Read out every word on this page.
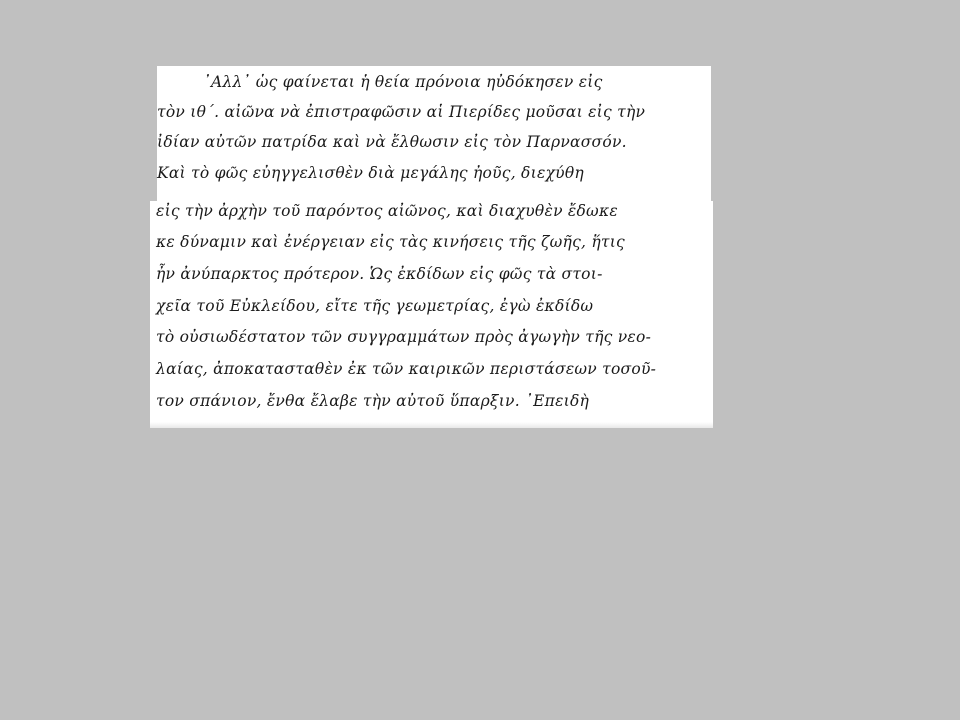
᾿Αλλ᾿ ὡς φαίνεται ἡ θεία πρόνοια ηὐδόκησεν εἰς

τὸν ιθ΄. αἰῶνα νὰ ἐπιστραφῶσιν αἱ Πιερίδες μοῦσαι εἰς τὴν

ἰδίαν αὐτῶν πατρίδα καὶ νὰ ἔλθωσιν εἰς τὸν Παρνασσόν.

Καὶ τὸ φῶς εὐηγγελισθὲν διὰ μεγάλης ἠοῦς, διεχύθη

εἰς τὴν ἀρχὴν τοῦ παρόντος αἰῶνος, καὶ διαχυθὲν ἔδωκε

κε δύναμιν καὶ ἐνέργειαν εἰς τὰς κινήσεις τῆς ζωῆς, ἥτις

ἦν ἀνύπαρκτος πρότερον. Ὡς ἐκδίδων εἰς φῶς τὰ στοι-

χεῖα τοῦ Εὐκλείδου, εἴτε τῆς γεωμετρίας, ἐγὼ ἐκδίδω

τὸ οὐσιωδέστατον τῶν συγγραμμάτων πρὸς ἀγωγὴν τῆς νεο-

λαίας, ἀποκατασταθὲν ἐκ τῶν καιρικῶν περιστάσεων τοσοῦ-

τον σπάνιον, ἔνθα ἔλαβε τὴν αὐτοῦ ὕπαρξιν. ᾿Επειδὴ
